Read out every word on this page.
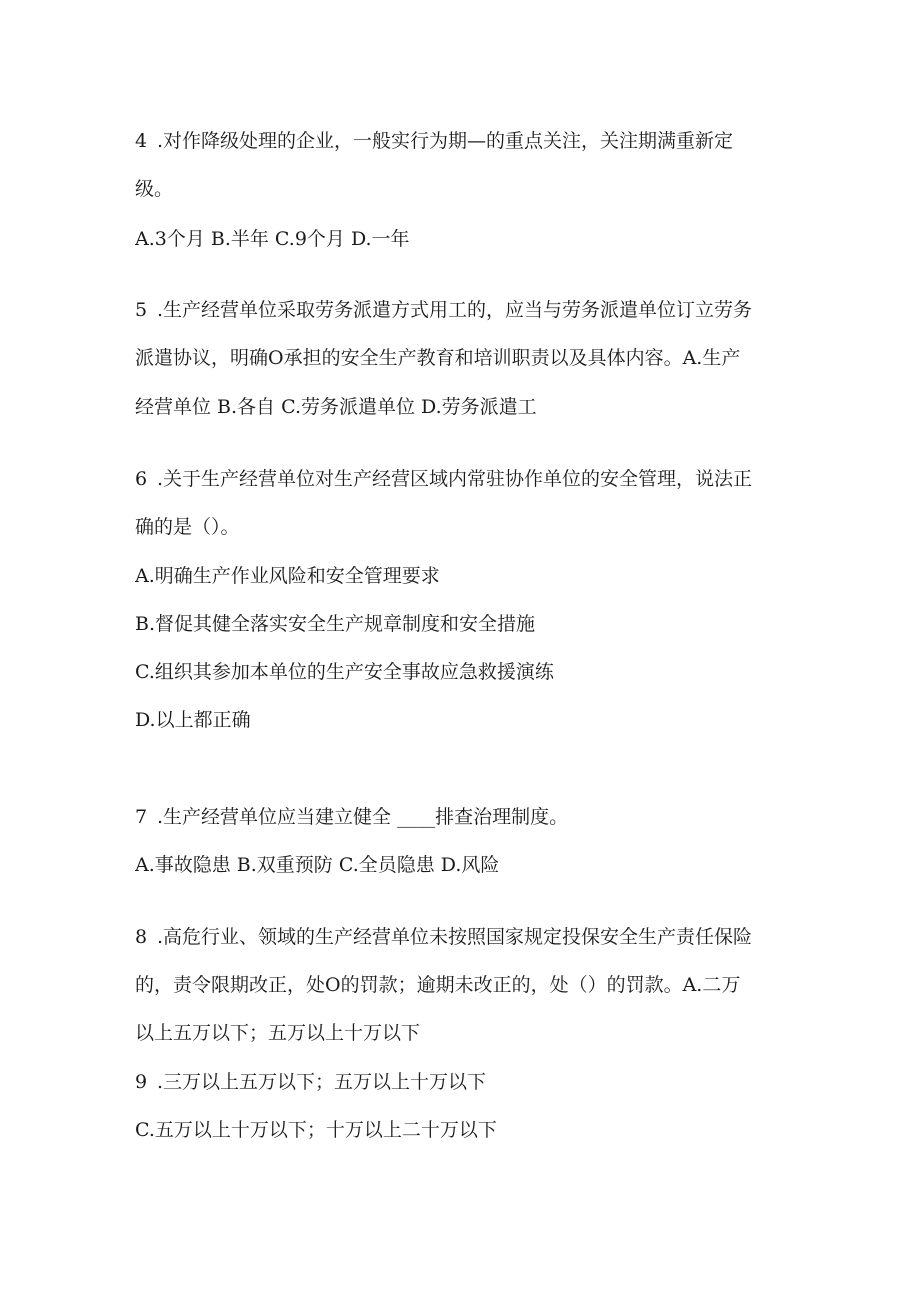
4 .对作降级处理的企业，一般实行为期—的重点关注，关注期满重新定
级。
A.3个月 B.半年 C.9个月 D.一年
5 .生产经营单位采取劳务派遣方式用工的，应当与劳务派遣单位订立劳务
派遣协议，明确O承担的安全生产教育和培训职责以及具体内容。A.生产
经营单位 B.各自 C.劳务派遣单位 D.劳务派遣工
6 .关于生产经营单位对生产经营区域内常驻协作单位的安全管理，说法正
确的是（）。
A.明确生产作业风险和安全管理要求
B.督促其健全落实安全生产规章制度和安全措施
C.组织其参加本单位的生产安全事故应急救援演练
D.以上都正确
7 .生产经营单位应当建立健全 ____排查治理制度。
A.事故隐患 B.双重预防 C.全员隐患 D.风险
8 .高危行业、领域的生产经营单位未按照国家规定投保安全生产责任保险
的，责令限期改正，处O的罚款；逾期未改正的，处（）的罚款。A.二万
以上五万以下；五万以上十万以下
9 .三万以上五万以下；五万以上十万以下
C.五万以上十万以下；十万以上二十万以下
